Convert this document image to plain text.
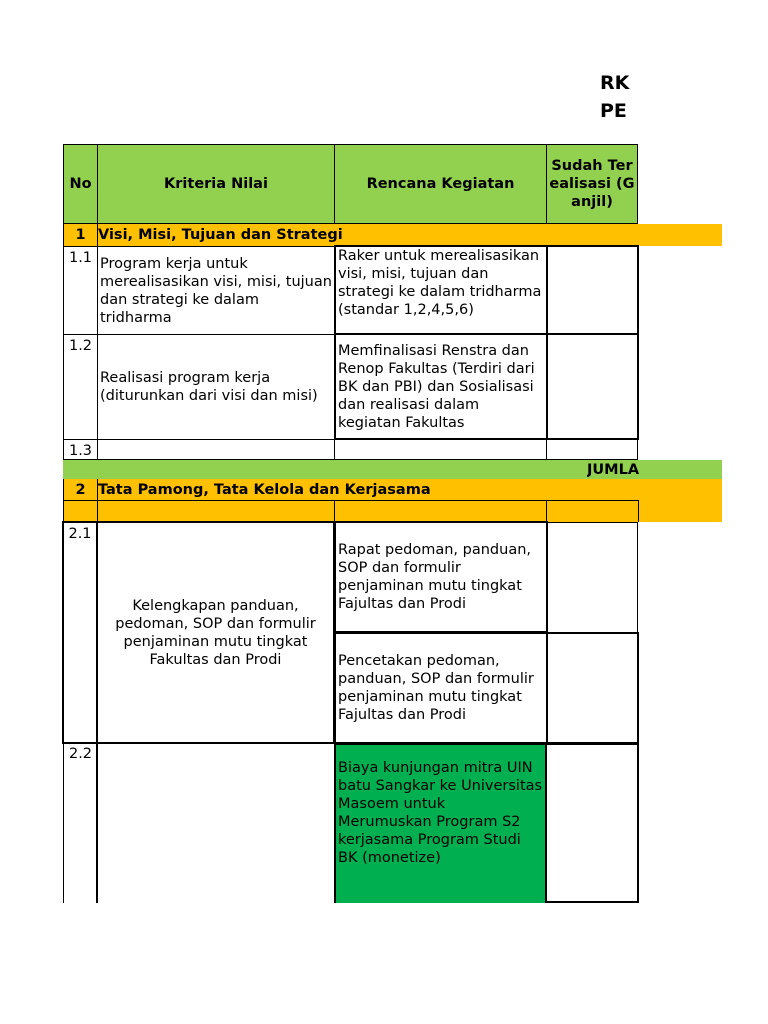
RK
PE
No	Kriteria Nilai	Rencana Kegiatan
Sudah Terealisasi (Ganjil)
1 Visi, Misi, Tujuan dan Strategi
1.1 Program kerja untuk merealisasikan visi, misi, tujuan dan strategi ke dalam tridharma
Raker untuk merealisasikan visi, misi, tujuan dan strategi ke dalam tridharma (standar 1,2,4,5,6)
1.2
Realisasi program kerja (diturunkan dari visi dan misi)
Memfinalisasi Renstra dan Renop Fakultas (Terdiri dari BK dan PBI) dan Sosialisasi dan realisasi dalam kegiatan Fakultas
1.3
JUMLA
2 Tata Pamong, Tata Kelola dan Kerjasama
2.1
Kelengkapan panduan, pedoman, SOP dan formulir penjaminan mutu tingkat Fakultas dan Prodi
Rapat pedoman, panduan, SOP dan formulir penjaminan mutu tingkat Fajultas dan Prodi
Pencetakan pedoman, panduan, SOP dan formulir penjaminan mutu tingkat Fajultas dan Prodi
2.2
Biaya kunjungan mitra UIN batu Sangkar ke Universitas Masoem untuk Merumuskan Program S2 kerjasama Program Studi BK (monetize)
